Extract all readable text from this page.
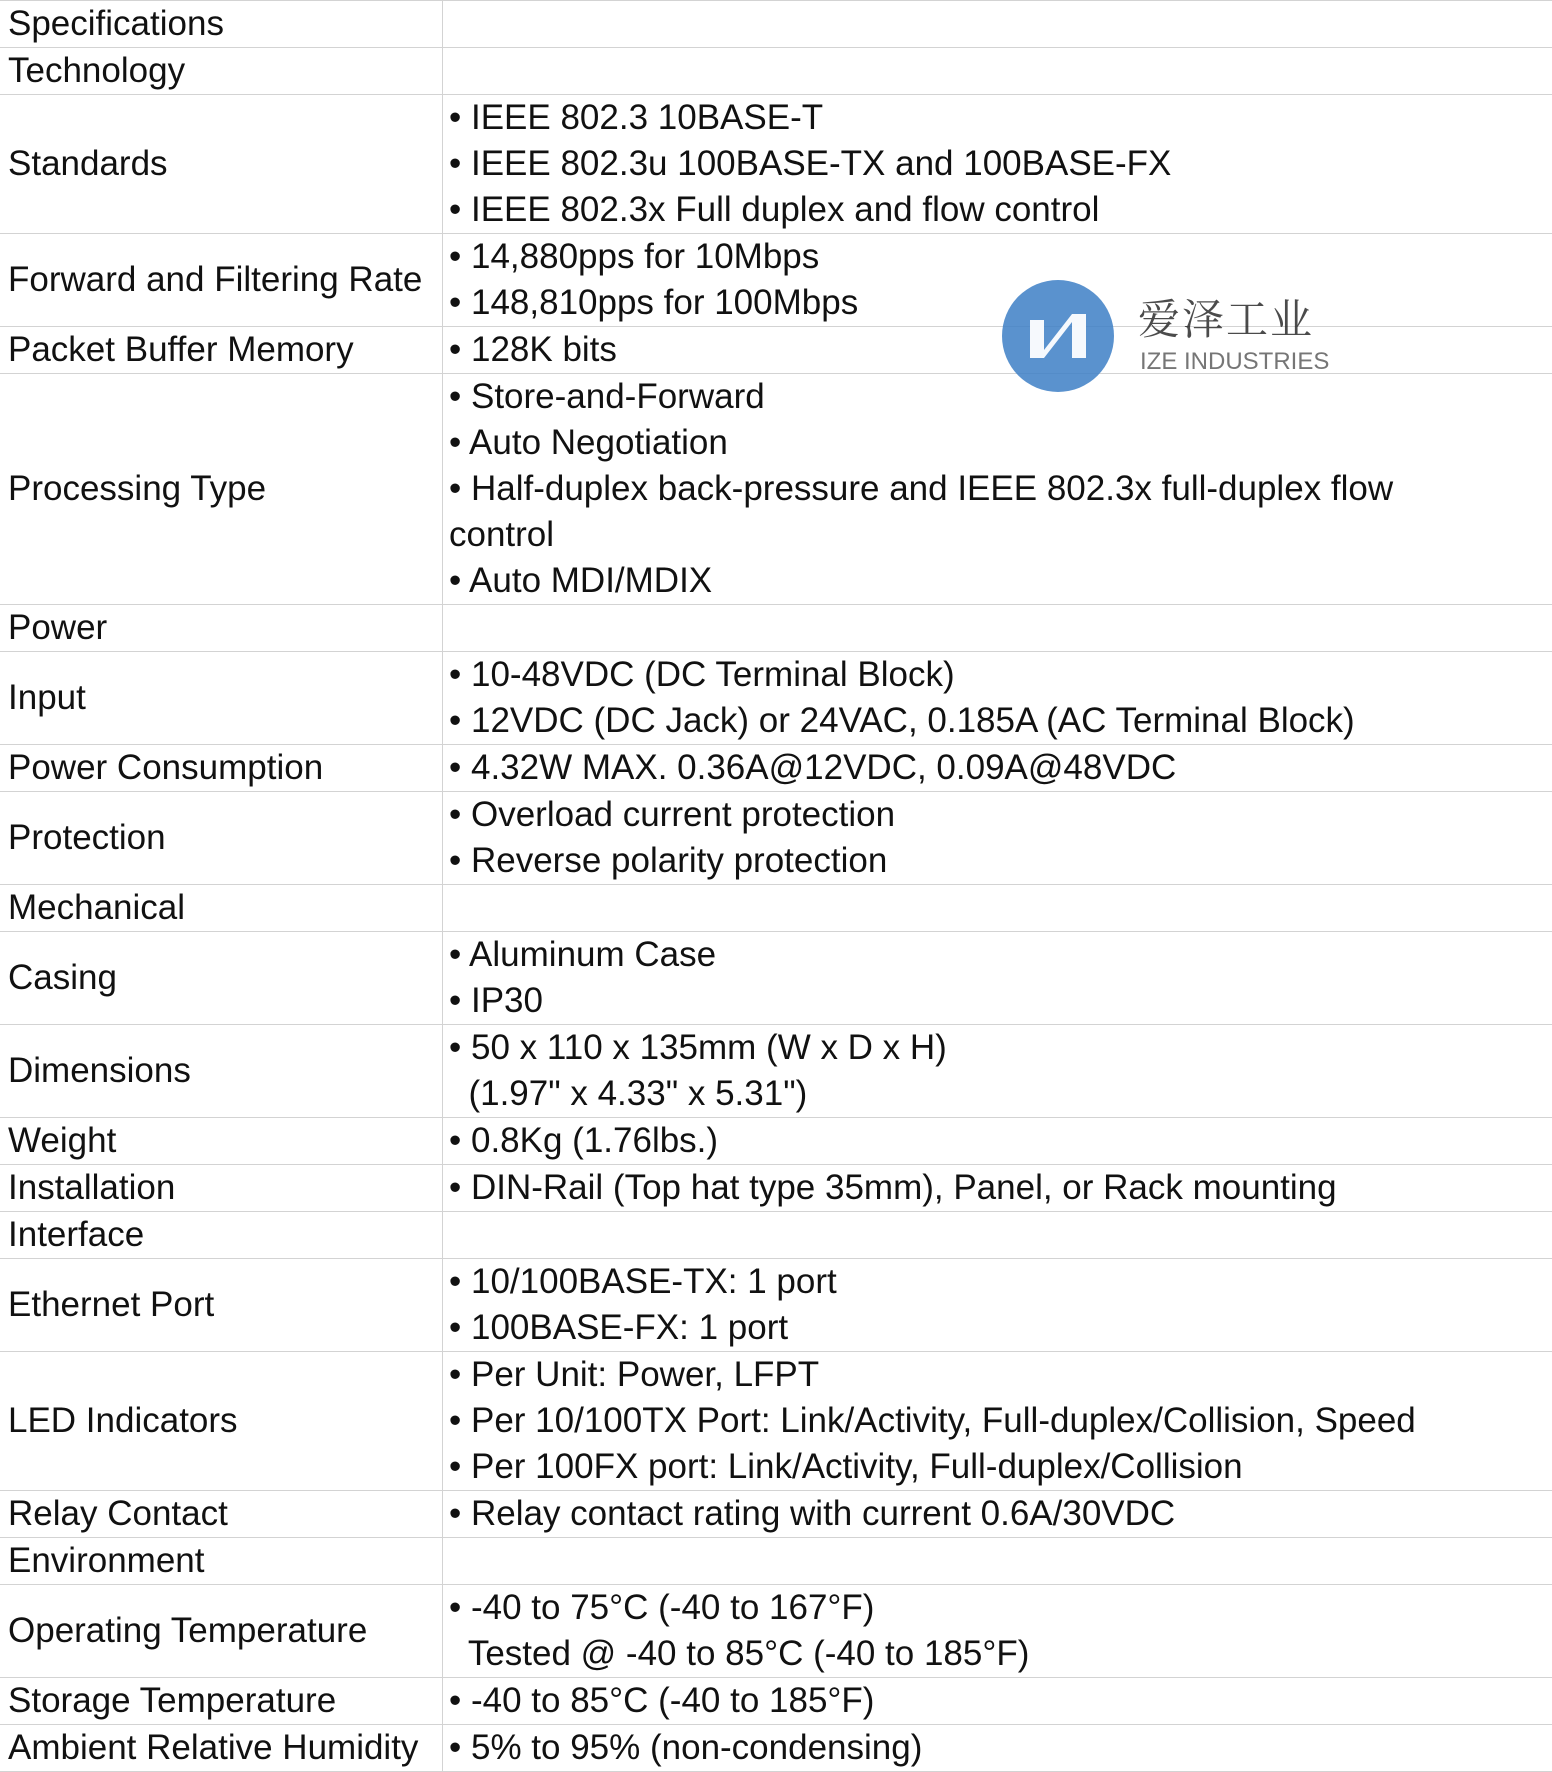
Specifications	
Technology	
Standards	• IEEE 802.3 10BASE-T
• IEEE 802.3u 100BASE-TX and 100BASE-FX
• IEEE 802.3x Full duplex and flow control

Forward and Filtering Rate	• 14,880pps for 10Mbps
• 148,810pps for 100Mbps

Packet Buffer Memory	• 128K bits

Processing Type	• Store-and-Forward
• Auto Negotiation
• Half-duplex back-pressure and IEEE 802.3x full-duplex flow
control
• Auto MDI/MDIX

Power	
Input	• 10-48VDC (DC Terminal Block)
• 12VDC (DC Jack) or 24VAC, 0.185A (AC Terminal Block)

Power Consumption	• 4.32W MAX. 0.36A@12VDC, 0.09A@48VDC

Protection	• Overload current protection
• Reverse polarity protection

Mechanical	
Casing	• Aluminum Case
• IP30

Dimensions	• 50 x 110 x 135mm (W x D x H)
(1.97" x 4.33" x 5.31")

Weight	• 0.8Kg (1.76lbs.)

Installation	• DIN-Rail (Top hat type 35mm), Panel, or Rack mounting

Interface	
Ethernet Port	• 10/100BASE-TX: 1 port
• 100BASE-FX: 1 port

LED Indicators	• Per Unit: Power, LFPT
• Per 10/100TX Port: Link/Activity, Full-duplex/Collision, Speed
• Per 100FX port: Link/Activity, Full-duplex/Collision

Relay Contact	• Relay contact rating with current 0.6A/30VDC

Environment	
Operating Temperature	• -40 to 75°C (-40 to 167°F)
Tested @ -40 to 85°C (-40 to 185°F)

Storage Temperature	• -40 to 85°C (-40 to 185°F)

Ambient Relative Humidity	• 5% to 95% (non-condensing)
爱泽工业
IZE INDUSTRIES
